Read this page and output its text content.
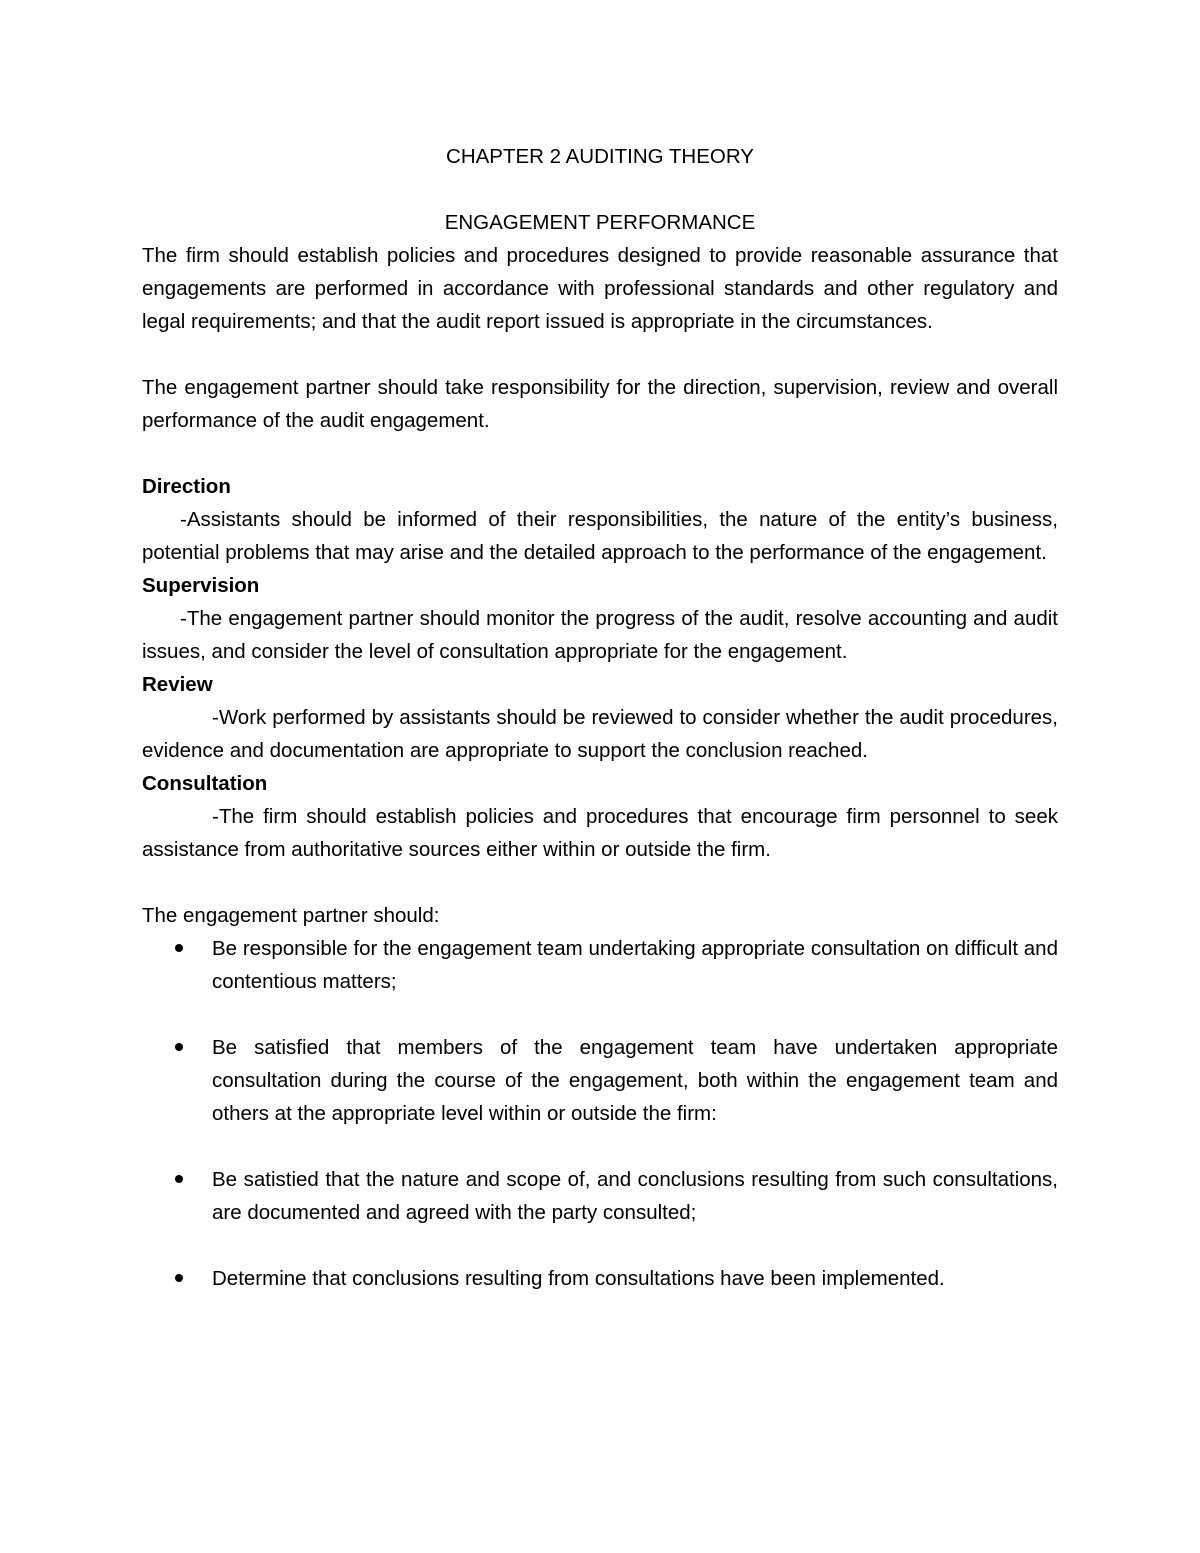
CHAPTER 2 AUDITING THEORY

ENGAGEMENT PERFORMANCE

The firm should establish policies and procedures designed to provide reasonable assurance that engagements are performed in accordance with professional standards and other regulatory and legal requirements; and that the audit report issued is appropriate in the circumstances.

The engagement partner should take responsibility for the direction, supervision, review and overall performance of the audit engagement.

Direction

-Assistants should be informed of their responsibilities, the nature of the entity’s business, potential problems that may arise and the detailed approach to the performance of the engagement.

Supervision

-The engagement partner should monitor the progress of the audit, resolve accounting and audit issues, and consider the level of consultation appropriate for the engagement.

Review

-Work performed by assistants should be reviewed to consider whether the audit procedures, evidence and documentation are appropriate to support the conclusion reached.

Consultation

-The firm should establish policies and procedures that encourage firm personnel to seek assistance from authoritative sources either within or outside the firm.

The engagement partner should:

Be responsible for the engagement team undertaking appropriate consultation on difficult and contentious matters;
Be satisfied that members of the engagement team have undertaken appropriate consultation during the course of the engagement, both within the engagement team and others at the appropriate level within or outside the firm:
Be satistied that the nature and scope of, and conclusions resulting from such consultations, are documented and agreed with the party consulted;
Determine that conclusions resulting from consultations have been implemented.
